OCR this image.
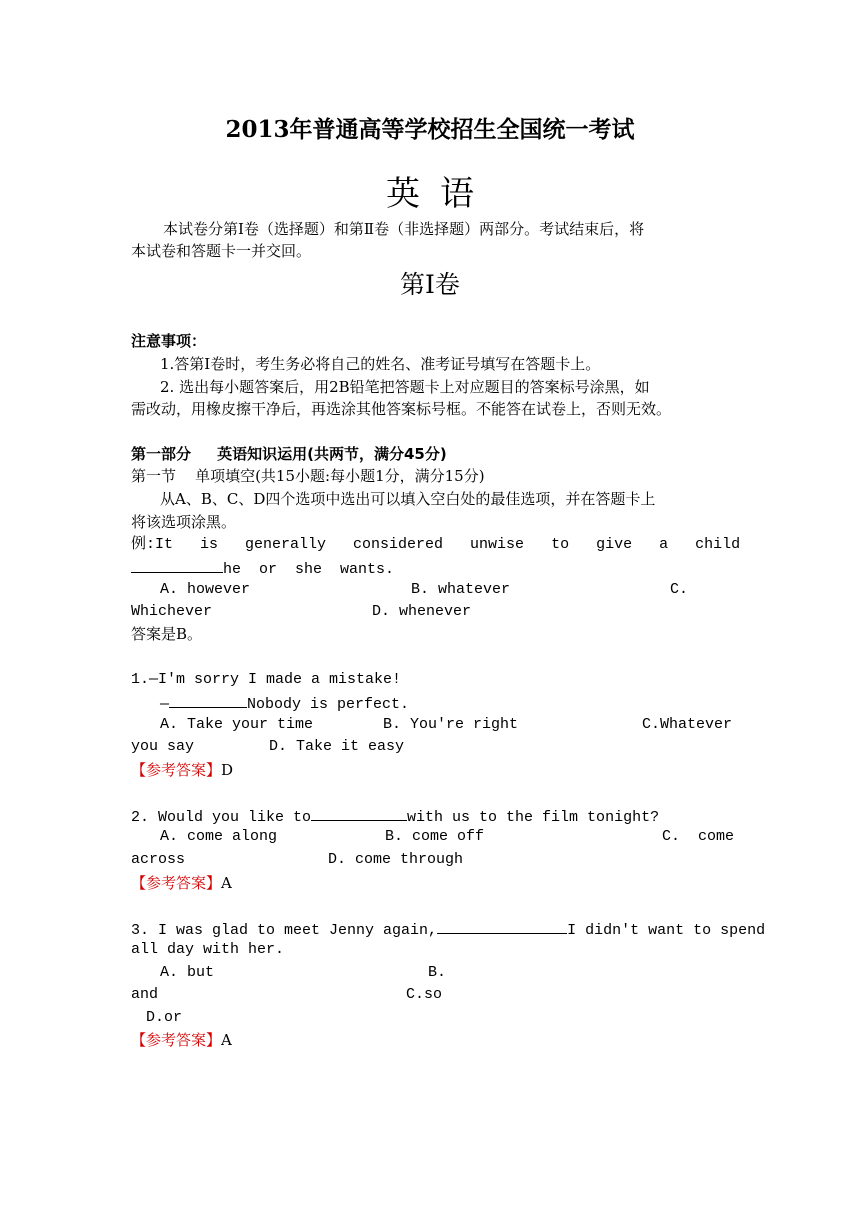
2013年普通高等学校招生全国统一考试
英语
本试卷分第Ⅰ卷（选择题）和第Ⅱ卷（非选择题）两部分。考试结束后，将
本试卷和答题卡一并交回。
第Ⅰ卷
注意事项：
1.答第Ⅰ卷时，考生务必将自己的姓名、准考证号填写在答题卡上。
2. 选出每小题答案后，用2B铅笔把答题卡上对应题目的答案标号涂黑，如
需改动，用橡皮擦干净后，再选涂其他答案标号框。不能答在试卷上，否则无效。
第一部分     英语知识运用(共两节，满分45分)
第一节    单项填空(共15小题:每小题1分，满分15分)
从A、B、C、D四个选项中选出可以填入空白处的最佳选项，并在答题卡上
将该选项涂黑。
例:It   is   generally   considered   unwise   to   give   a   child
he  or  she  wants.
A. however	B. whatever	C.
Whichever	D. whenever
答案是B。
1.—I'm sorry I made a mistake!
—	Nobody is perfect.
A. Take your time	B. You're right	C.Whatever
you say	D. Take it easy
【参考答案】D
2. Would you like to	with us to the film tonight?
A. come along	B. come off	C.  come
across	D. come through
【参考答案】A
3. I was glad to meet Jenny again,	I didn't want to spend
all day with her.
A. but	B.
and	C.so
D.or
【参考答案】A
